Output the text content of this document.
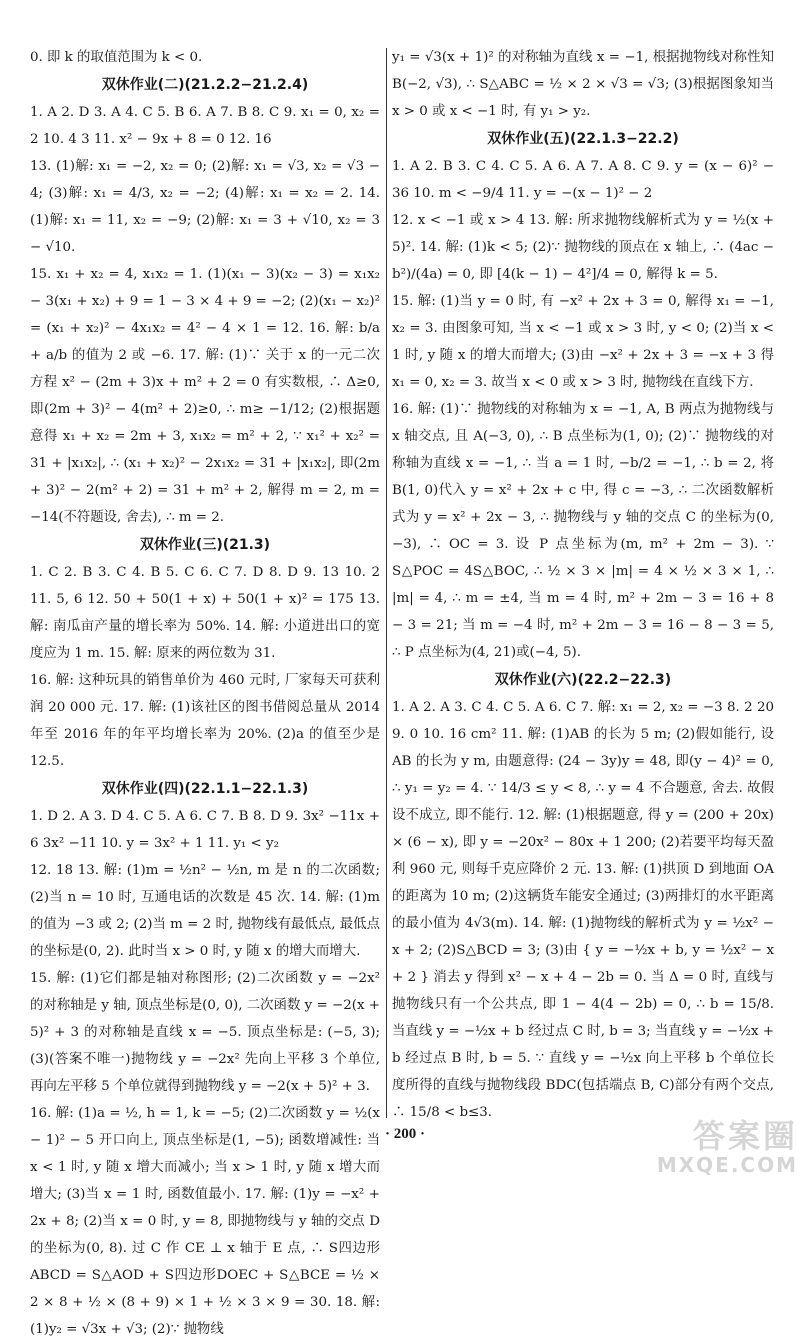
0. 即 k 的取值范围为 k < 0.

双休作业(二)(21.2.2−21.2.4)

1. A 2. D 3. A 4. C 5. B 6. A 7. B 8. C 9. x₁ = 0, x₂ = 2 10. 4 3 11. x² − 9x + 8 = 0 12. 16

13. (1)解: x₁ = −2, x₂ = 0; (2)解: x₁ = √3, x₂ = √3 − 4; (3)解: x₁ = 4/3, x₂ = −2; (4)解: x₁ = x₂ = 2. 14. (1)解: x₁ = 11, x₂ = −9; (2)解: x₁ = 3 + √10, x₂ = 3 − √10.

15. x₁ + x₂ = 4, x₁x₂ = 1. (1)(x₁ − 3)(x₂ − 3) = x₁x₂ − 3(x₁ + x₂) + 9 = 1 − 3 × 4 + 9 = −2; (2)(x₁ − x₂)² = (x₁ + x₂)² − 4x₁x₂ = 4² − 4 × 1 = 12. 16. 解: b/a + a/b 的值为 2 或 −6. 17. 解: (1)∵ 关于 x 的一元二次方程 x² − (2m + 3)x + m² + 2 = 0 有实数根, ∴ Δ≥0, 即(2m + 3)² − 4(m² + 2)≥0, ∴ m≥ −1/12; (2)根据题意得 x₁ + x₂ = 2m + 3, x₁x₂ = m² + 2, ∵ x₁² + x₂² = 31 + |x₁x₂|, ∴ (x₁ + x₂)² − 2x₁x₂ = 31 + |x₁x₂|, 即(2m + 3)² − 2(m² + 2) = 31 + m² + 2, 解得 m = 2, m = −14(不符题设, 舍去), ∴ m = 2.

双休作业(三)(21.3)

1. C 2. B 3. C 4. B 5. C 6. C 7. D 8. D 9. 13 10. 2 11. 5, 6 12. 50 + 50(1 + x) + 50(1 + x)² = 175 13. 解: 南瓜亩产量的增长率为 50%. 14. 解: 小道进出口的宽度应为 1 m. 15. 解: 原来的两位数为 31.

16. 解: 这种玩具的销售单价为 460 元时, 厂家每天可获利润 20 000 元. 17. 解: (1)该社区的图书借阅总量从 2014 年至 2016 年的年平均增长率为 20%. (2)a 的值至少是 12.5.

双休作业(四)(22.1.1−22.1.3)

1. D 2. A 3. D 4. C 5. A 6. C 7. B 8. D 9. 3x² −11x + 6 3x² −11 10. y = 3x² + 1 11. y₁ < y₂

12. 18 13. 解: (1)m = ½n² − ½n, m 是 n 的二次函数; (2)当 n = 10 时, 互通电话的次数是 45 次. 14. 解: (1)m 的值为 −3 或 2; (2)当 m = 2 时, 抛物线有最低点, 最低点的坐标是(0, 2). 此时当 x > 0 时, y 随 x 的增大而增大.

15. 解: (1)它们都是轴对称图形; (2)二次函数 y = −2x² 的对称轴是 y 轴, 顶点坐标是(0, 0), 二次函数 y = −2(x + 5)² + 3 的对称轴是直线 x = −5. 顶点坐标是: (−5, 3); (3)(答案不唯一)抛物线 y = −2x² 先向上平移 3 个单位, 再向左平移 5 个单位就得到抛物线 y = −2(x + 5)² + 3.

16. 解: (1)a = ½, h = 1, k = −5; (2)二次函数 y = ½(x − 1)² − 5 开口向上, 顶点坐标是(1, −5); 函数增减性: 当 x < 1 时, y 随 x 增大而减小; 当 x > 1 时, y 随 x 增大而增大; (3)当 x = 1 时, 函数值最小. 17. 解: (1)y = −x² + 2x + 8; (2)当 x = 0 时, y = 8, 即抛物线与 y 轴的交点 D 的坐标为(0, 8). 过 C 作 CE ⊥ x 轴于 E 点, ∴ S四边形ABCD = S△AOD + S四边形DOEC + S△BCE = ½ × 2 × 8 + ½ × (8 + 9) × 1 + ½ × 3 × 9 = 30. 18. 解: (1)y₂ = √3x + √3; (2)∵ 抛物线

y₁ = √3(x + 1)² 的对称轴为直线 x = −1, 根据抛物线对称性知 B(−2, √3), ∴ S△ABC = ½ × 2 × √3 = √3; (3)根据图象知当 x > 0 或 x < −1 时, 有 y₁ > y₂.

双休作业(五)(22.1.3−22.2)

1. A 2. B 3. C 4. C 5. A 6. A 7. A 8. C 9. y = (x − 6)² − 36 10. m < −9/4 11. y = −(x − 1)² − 2

12. x < −1 或 x > 4 13. 解: 所求抛物线解析式为 y = ½(x + 5)². 14. 解: (1)k < 5; (2)∵ 抛物线的顶点在 x 轴上, ∴ (4ac − b²)/(4a) = 0, 即 [4(k − 1) − 4²]/4 = 0, 解得 k = 5.

15. 解: (1)当 y = 0 时, 有 −x² + 2x + 3 = 0, 解得 x₁ = −1, x₂ = 3. 由图象可知, 当 x < −1 或 x > 3 时, y < 0; (2)当 x < 1 时, y 随 x 的增大而增大; (3)由 −x² + 2x + 3 = −x + 3 得 x₁ = 0, x₂ = 3. 故当 x < 0 或 x > 3 时, 抛物线在直线下方.

16. 解: (1)∵ 抛物线的对称轴为 x = −1, A, B 两点为抛物线与 x 轴交点, 且 A(−3, 0), ∴ B 点坐标为(1, 0); (2)∵ 抛物线的对称轴为直线 x = −1, ∴ 当 a = 1 时, −b/2 = −1, ∴ b = 2, 将 B(1, 0)代入 y = x² + 2x + c 中, 得 c = −3, ∴ 二次函数解析式为 y = x² + 2x − 3, ∴ 抛物线与 y 轴的交点 C 的坐标为(0, −3), ∴ OC = 3. 设 P 点坐标为(m, m² + 2m − 3). ∵ S△POC = 4S△BOC, ∴ ½ × 3 × |m| = 4 × ½ × 3 × 1, ∴ |m| = 4, ∴ m = ±4, 当 m = 4 时, m² + 2m − 3 = 16 + 8 − 3 = 21; 当 m = −4 时, m² + 2m − 3 = 16 − 8 − 3 = 5, ∴ P 点坐标为(4, 21)或(−4, 5).

双休作业(六)(22.2−22.3)

1. A 2. A 3. C 4. C 5. A 6. C 7. 解: x₁ = 2, x₂ = −3 8. 2 20 9. 0 10. 16 cm² 11. 解: (1)AB 的长为 5 m; (2)假如能行, 设 AB 的长为 y m, 由题意得: (24 − 3y)y = 48, 即(y − 4)² = 0, ∴ y₁ = y₂ = 4. ∵ 14/3 ≤ y < 8, ∴ y = 4 不合题意, 舍去. 故假设不成立, 即不能行. 12. 解: (1)根据题意, 得 y = (200 + 20x) × (6 − x), 即 y = −20x² − 80x + 1 200; (2)若要平均每天盈利 960 元, 则每千克应降价 2 元. 13. 解: (1)拱顶 D 到地面 OA 的距离为 10 m; (2)这辆货车能安全通过; (3)两排灯的水平距离的最小值为 4√3(m). 14. 解: (1)抛物线的解析式为 y = ½x² − x + 2; (2)S△BCD = 3; (3)由 { y = −½x + b, y = ½x² − x + 2 } 消去 y 得到 x² − x + 4 − 2b = 0. 当 Δ = 0 时, 直线与抛物线只有一个公共点, 即 1 − 4(4 − 2b) = 0, ∴ b = 15/8. 当直线 y = −½x + b 经过点 C 时, b = 3; 当直线 y = −½x + b 经过点 B 时, b = 5. ∵ 直线 y = −½x 向上平移 b 个单位长度所得的直线与抛物线段 BDC(包括端点 B, C)部分有两个交点, ∴ 15/8 < b≤3.

· 200 ·	答案圈
MXQE.COM
